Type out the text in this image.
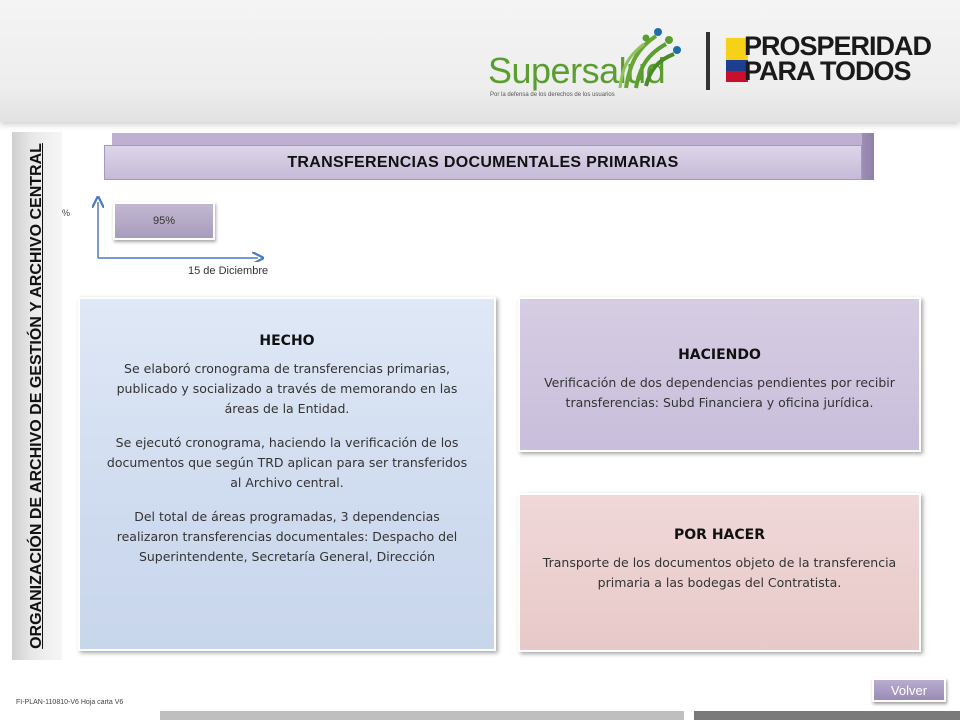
Supersalud
Por la defensa de los derechos de los usuarios
PROSPERIDAD
PARA TODOS
ORGANIZACIÓN DE ARCHIVO DE GESTIÓN Y ARCHIVO CENTRAL	TRANSFERENCIAS DOCUMENTALES PRIMARIAS
%
95%
15 de Diciembre
HECHO

Se elaboró cronograma de transferencias primarias, publicado y socializado a través de memorando en las áreas de la Entidad.

Se ejecutó cronograma, haciendo la verificación de los documentos que según TRD aplican para ser transferidos al Archivo central.

Del total de áreas programadas, 3 dependencias realizaron transferencias documentales: Despacho del Superintendente, Secretaría General, Dirección

HACIENDO

Verificación de dos dependencias pendientes por recibir transferencias: Subd Financiera y oficina jurídica.

POR HACER

Transporte de los documentos objeto de la transferencia primaria a las bodegas del Contratista.

FI-PLAN-110810-V6 Hoja carta V6
Volver
